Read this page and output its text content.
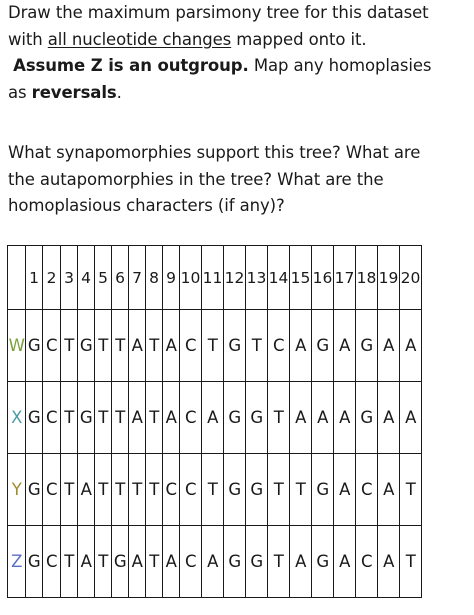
Draw the maximum parsimony tree for this dataset
with all nucleotide changes mapped onto it.
Assume Z is an outgroup. Map any homoplasies
as reversals.
What synapomorphies support this tree? What are
the autapomorphies in the tree? What are the
homoplasious characters (if any)?
	1	2	3	4	5	6	7	8	9	10	11	12	13	14	15	16	17	18	19	20
W	G	C	T	G	T	T	A	T	A	C	T	G	T	C	A	G	A	G	A	A
X	G	C	T	G	T	T	A	T	A	C	A	G	G	T	A	A	A	G	A	A
Y	G	C	T	A	T	T	T	T	C	C	T	G	G	T	T	G	A	C	A	T
Z	G	C	T	A	T	G	A	T	A	C	A	G	G	T	A	G	A	C	A	T
